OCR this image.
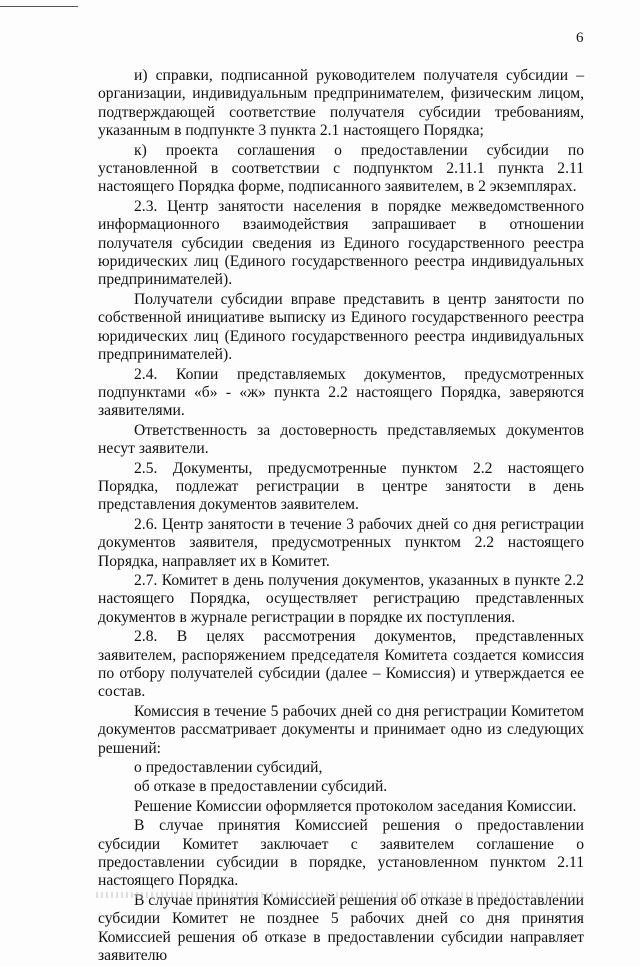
6

и) справки, подписанной руководителем получателя субсидии – организации, индивидуальным предпринимателем, физическим лицом, подтверждающей соответствие получателя субсидии требованиям, указанным в подпункте 3 пункта 2.1 настоящего Порядка;

к) проекта соглашения о предоставлении субсидии по установленной в соответствии с подпунктом 2.11.1 пункта 2.11 настоящего Порядка форме, подписанного заявителем, в 2 экземплярах.

2.3. Центр занятости населения в порядке межведомственного информационного взаимодействия запрашивает в отношении получателя субсидии сведения из Единого государственного реестра юридических лиц (Единого государственного реестра индивидуальных предпринимателей).

Получатели субсидии вправе представить в центр занятости по собственной инициативе выписку из Единого государственного реестра юридических лиц (Единого государственного реестра индивидуальных предпринимателей).

2.4. Копии представляемых документов, предусмотренных подпунктами «б» - «ж» пункта 2.2 настоящего Порядка, заверяются заявителями.

Ответственность за достоверность представляемых документов несут заявители.

2.5. Документы, предусмотренные пунктом 2.2 настоящего Порядка, подлежат регистрации в центре занятости в день представления документов заявителем.

2.6. Центр занятости в течение 3 рабочих дней со дня регистрации документов заявителя, предусмотренных пунктом 2.2 настоящего Порядка, направляет их в Комитет.

2.7. Комитет в день получения документов, указанных в пункте 2.2 настоящего Порядка, осуществляет регистрацию представленных документов в журнале регистрации в порядке их поступления.

2.8. В целях рассмотрения документов, представленных заявителем, распоряжением председателя Комитета создается комиссия по отбору получателей субсидии (далее – Комиссия) и утверждается ее состав.

Комиссия в течение 5 рабочих дней со дня регистрации Комитетом документов рассматривает документы и принимает одно из следующих решений:

о предоставлении субсидий,

об отказе в предоставлении субсидий.

Решение Комиссии оформляется протоколом заседания Комиссии.

В случае принятия Комиссией решения о предоставлении субсидии Комитет заключает с заявителем соглашение о предоставлении субсидии в порядке, установленном пунктом 2.11 настоящего Порядка.

В случае принятия Комиссией решения об отказе в предоставлении субсидии Комитет не позднее 5 рабочих дней со дня принятия Комиссией решения об отказе в предоставлении субсидии направляет заявителю
